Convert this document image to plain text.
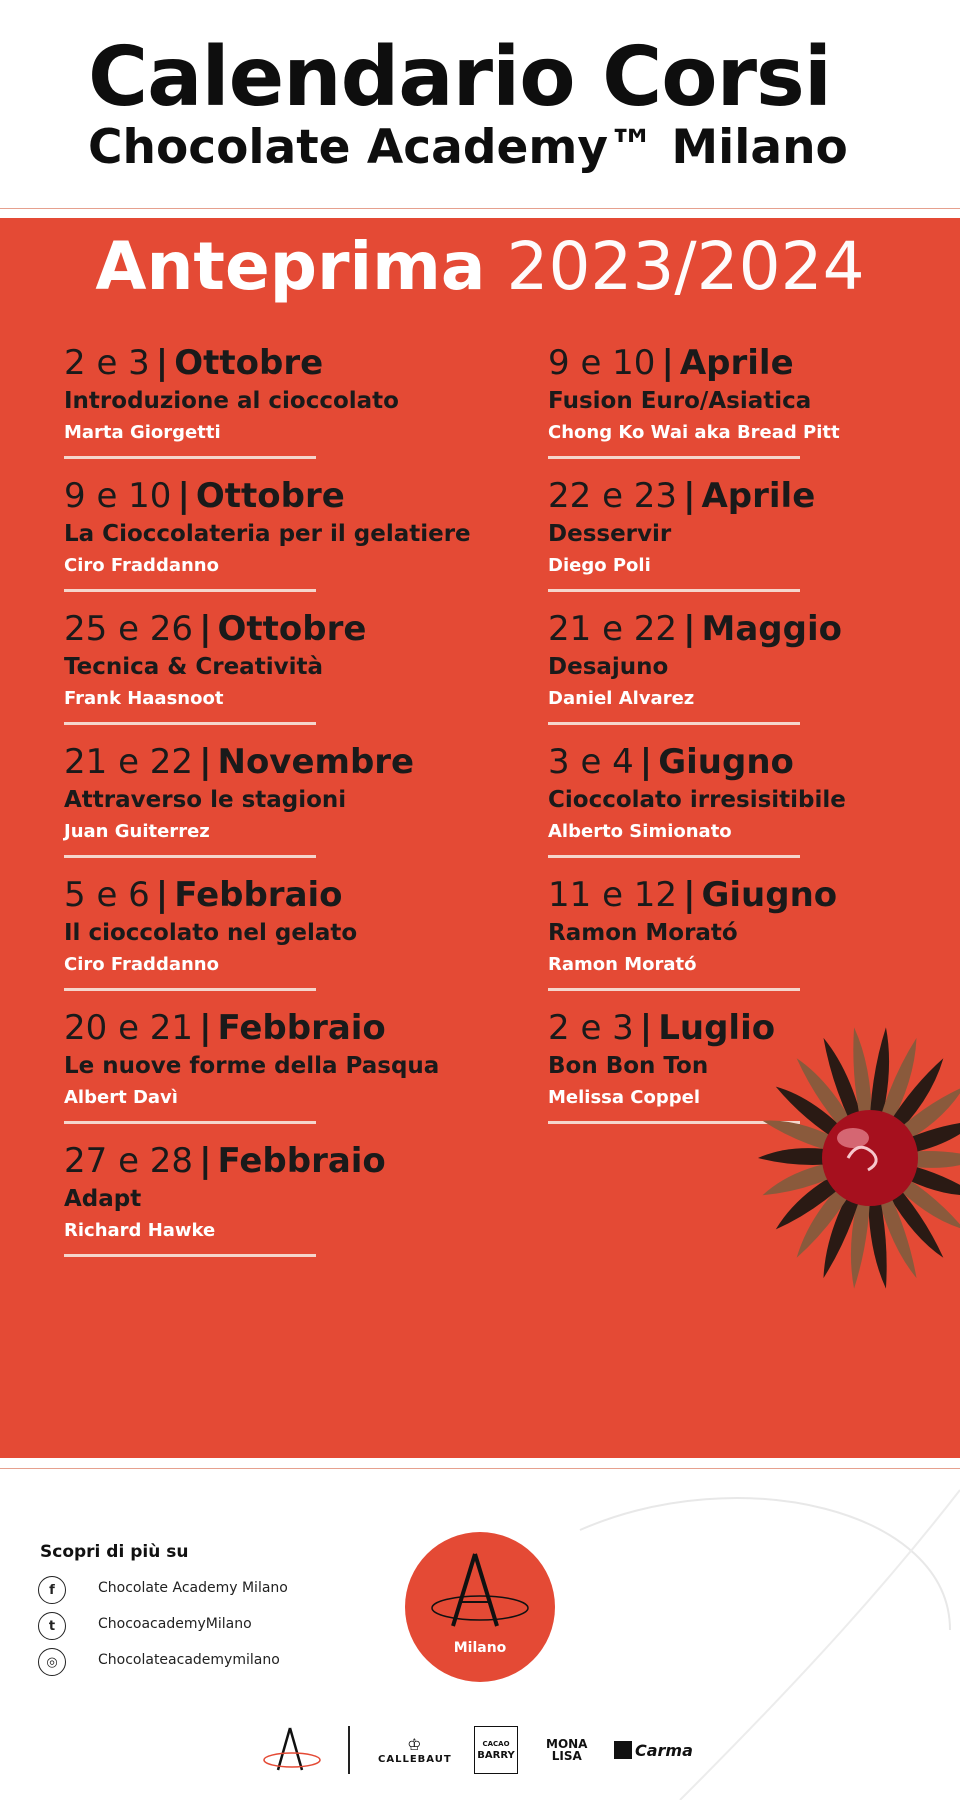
Calendario Corsi
Chocolate Academy™ Milano
Anteprima 2023/2024
2 e 3 | Ottobre
Introduzione al cioccolato
Marta Giorgetti
9 e 10 | Ottobre
La Cioccolateria per il gelatiere
Ciro Fraddanno
25 e 26 | Ottobre
Tecnica & Creatività
Frank Haasnoot
21 e 22 | Novembre
Attraverso le stagioni
Juan Guiterrez
5 e 6 | Febbraio
Il cioccolato nel gelato
Ciro Fraddanno
20 e 21 | Febbraio
Le nuove forme della Pasqua
Albert Davì
27 e 28 | Febbraio
Adapt
Richard Hawke
9 e 10 | Aprile
Fusion Euro/Asiatica
Chong Ko Wai aka Bread Pitt
22 e 23 | Aprile
Desservir
Diego Poli
21 e 22 | Maggio
Desajuno
Daniel Alvarez
3 e 4 | Giugno
Cioccolato irresisitibile
Alberto Simionato
11 e 12 | Giugno
Ramon Morató
Ramon Morató
2 e 3 | Luglio
Bon Bon Ton
Melissa Coppel
Scopri di più su
f	Chocolate Academy Milano
t	ChocoacademyMilano
◎	Chocolateacademymilano
Milano
♔
CALLEBAUT
CACAO
BARRY
MONA
LISA	Carma
